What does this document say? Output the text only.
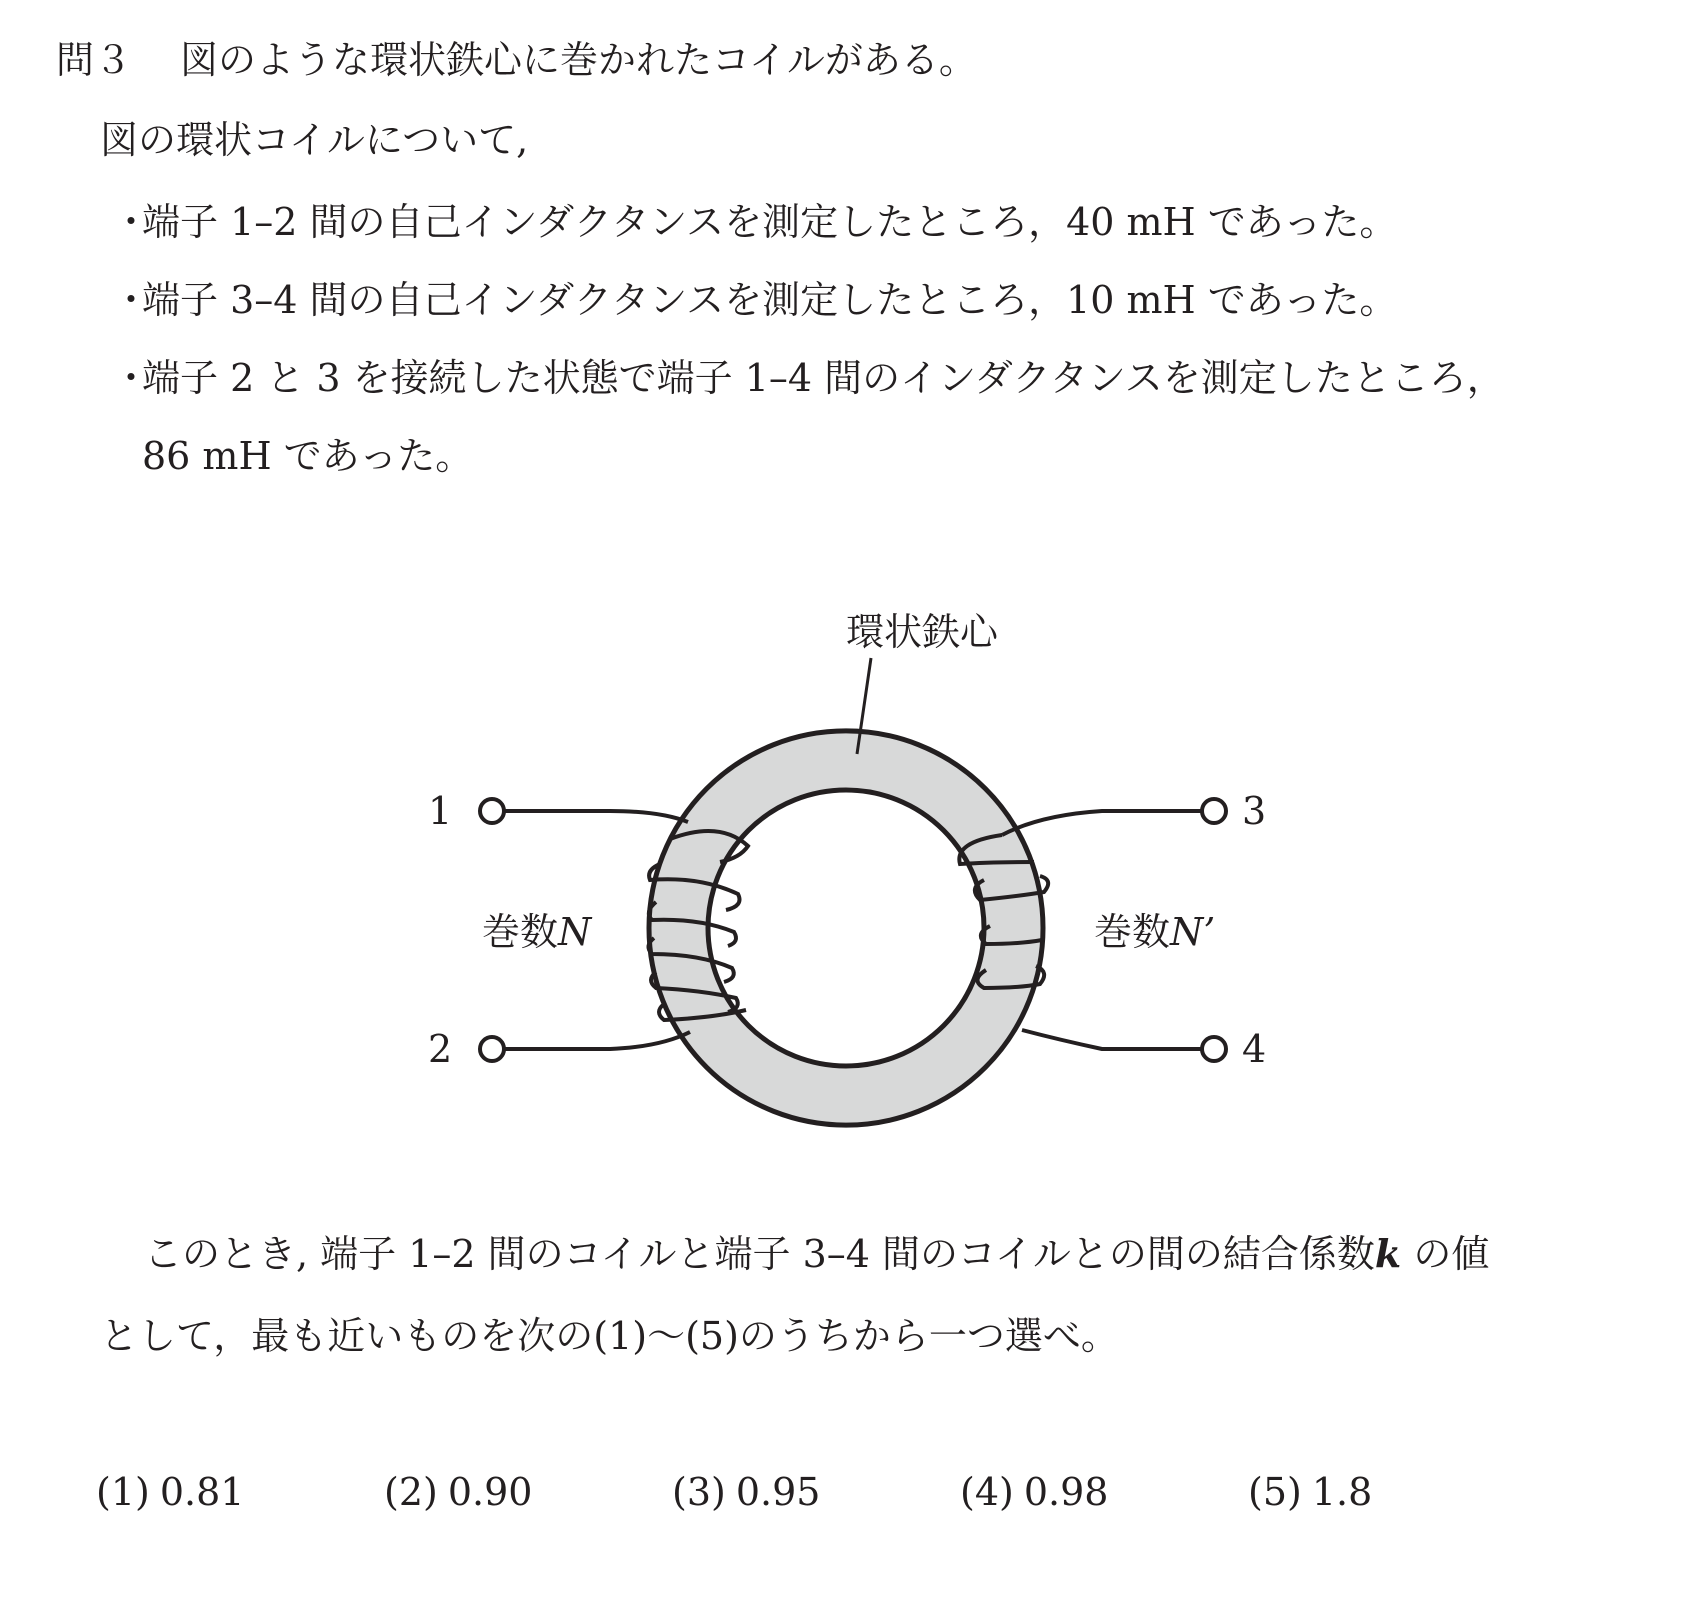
問３ 図のような環状鉄心に巻かれたコイルがある。
図の環状コイルについて,
・端子 1–2 間の自己インダクタンスを測定したところ，40 mH であった。
・端子 3–4 間の自己インダクタンスを測定したところ，10 mH であった。
・端子 2 と 3 を接続した状態で端子 1–4 間のインダクタンスを測定したところ，
86 mH であった。
環状鉄心
1
2
3
4
巻数N	巻数N’
このとき, 端子 1–2 間のコイルと端子 3–4 間のコイルとの間の結合係数k の値
として，最も近いものを次の(1)～(5)のうちから一つ選べ。
(1) 0.81	(2) 0.90	(3) 0.95	(4) 0.98	(5) 1.8
